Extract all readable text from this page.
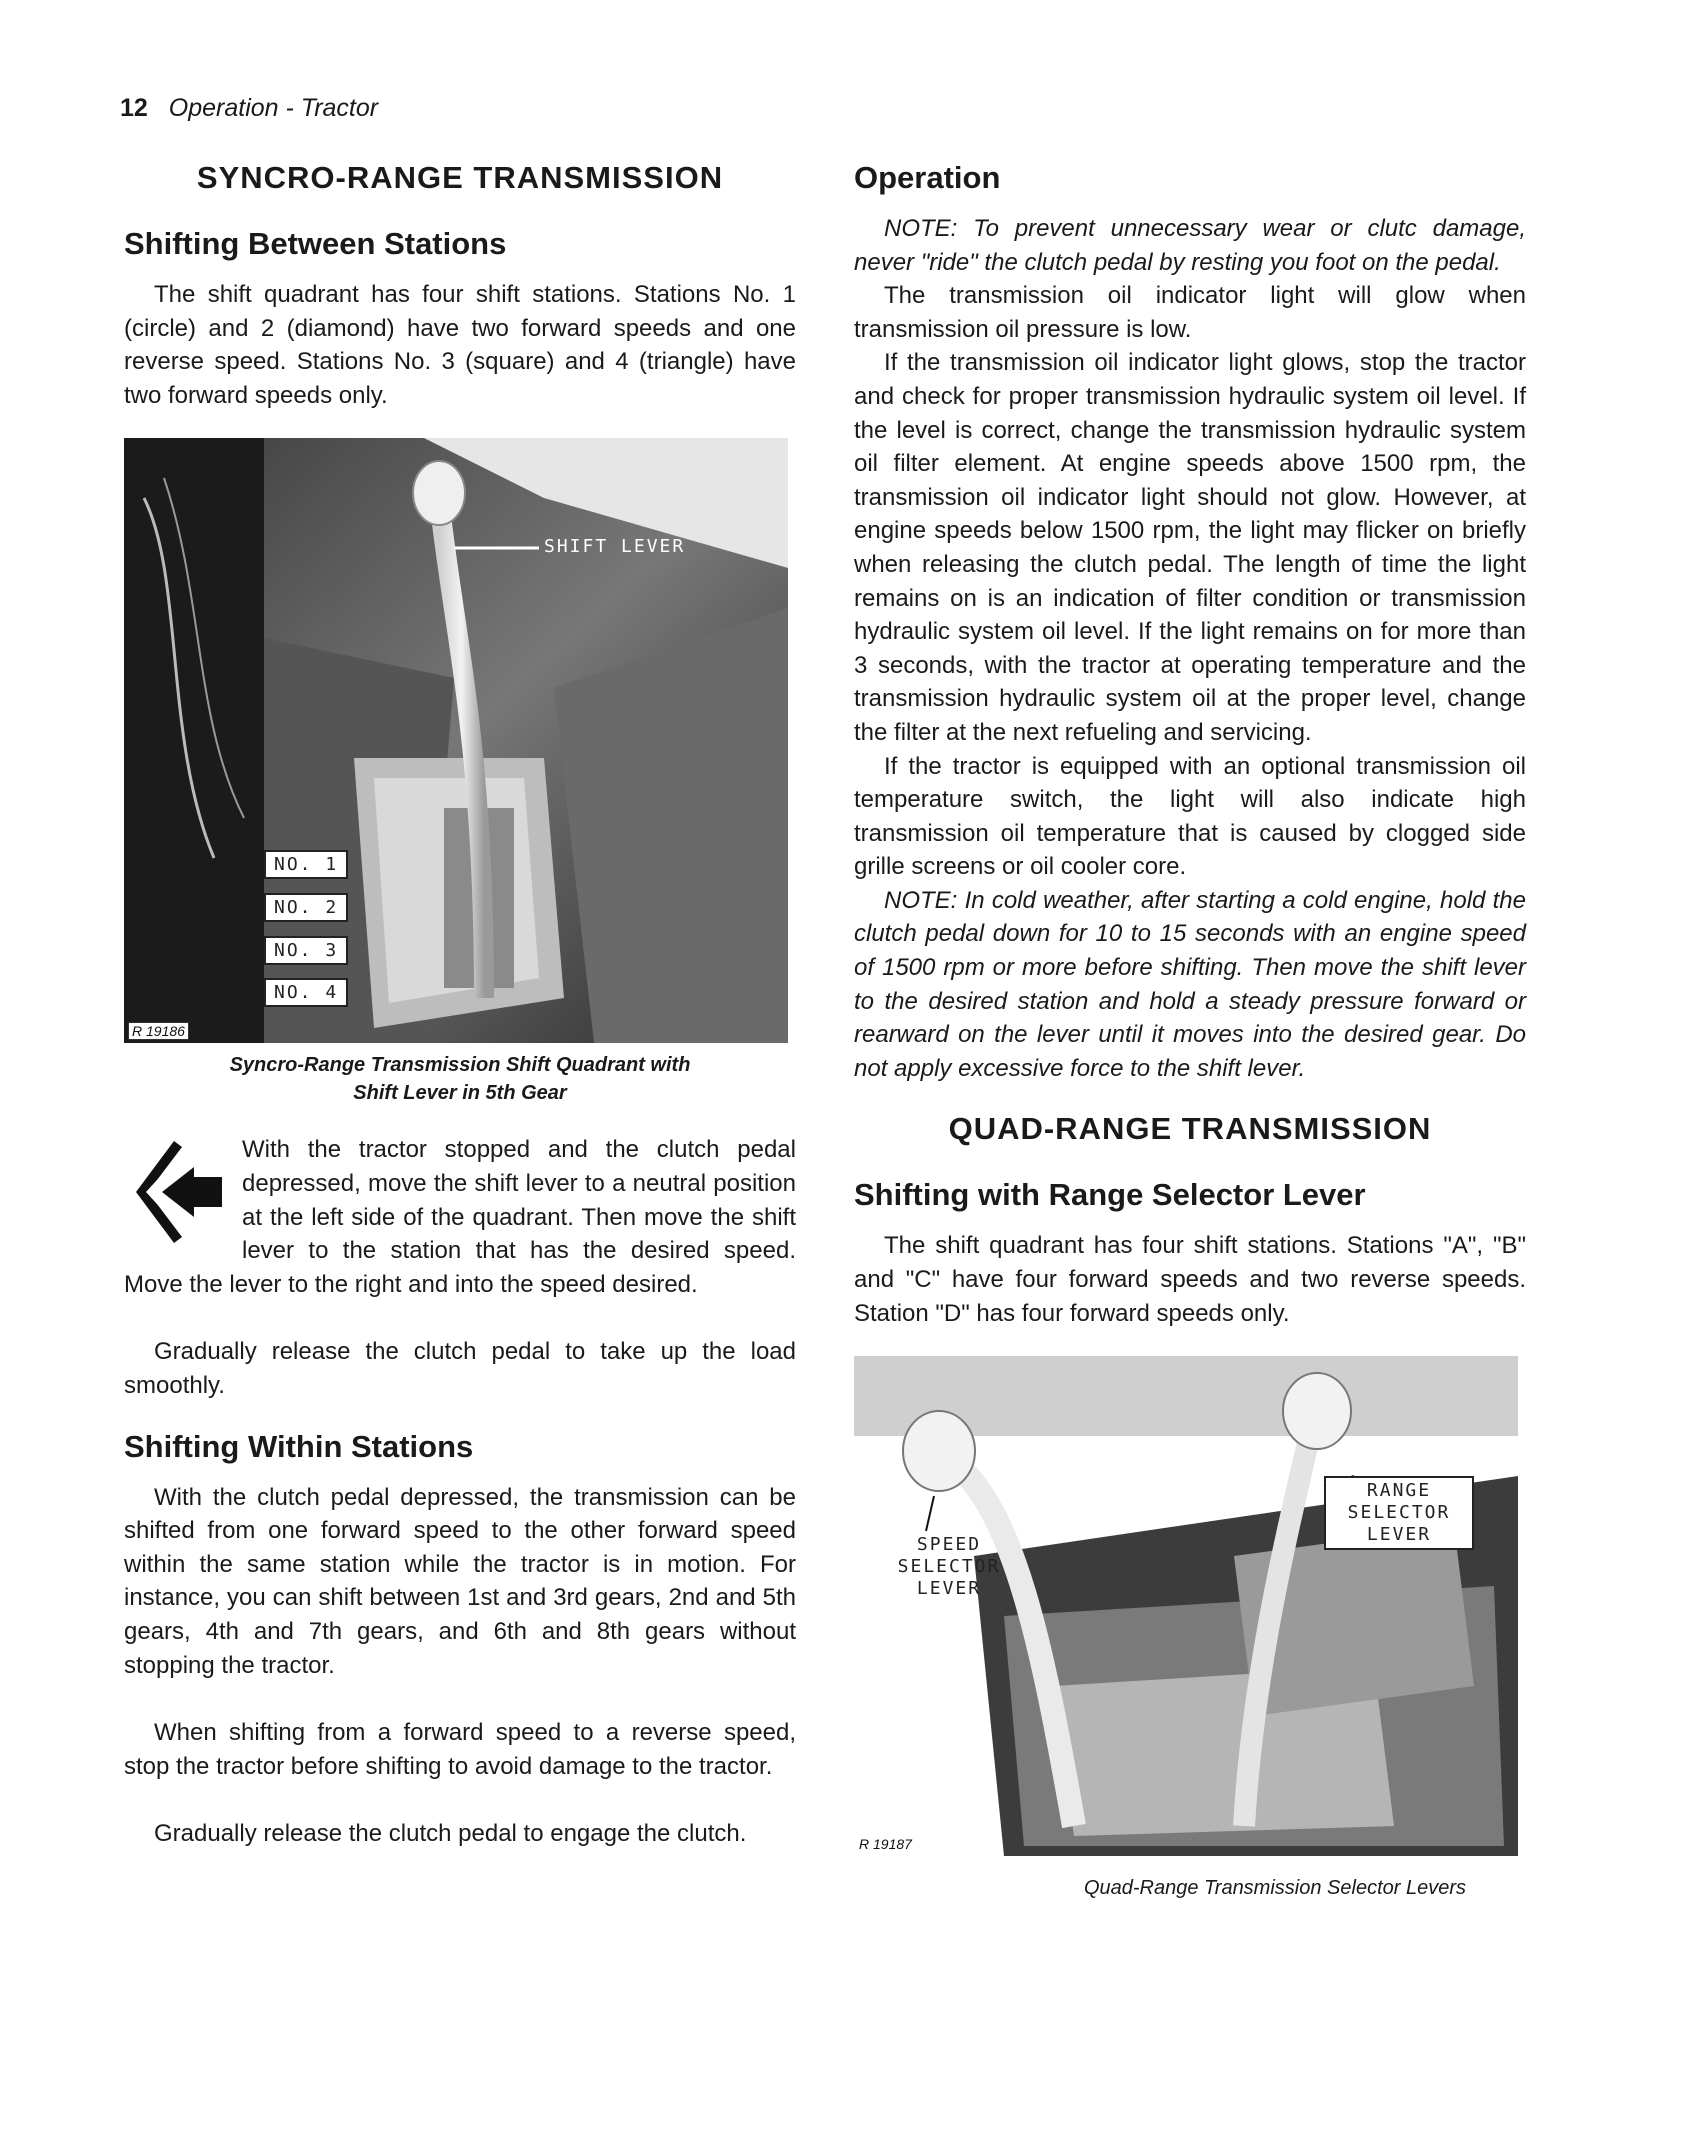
12 Operation - Tractor
SYNCRO-RANGE TRANSMISSION
Shifting Between Stations

The shift quadrant has four shift stations. Stations No. 1 (circle) and 2 (diamond) have two forward speeds and one reverse speed. Stations No. 3 (square) and 4 (triangle) have two forward speeds only.

SHIFT LEVER
NO. 1
NO. 2
NO. 3
NO. 4
R 19186
Syncro-Range Transmission Shift Quadrant with
Shift Lever in 5th Gear

With the tractor stopped and the clutch pedal depressed, move the shift lever to a neutral position at the left side of the quadrant. Then move the shift lever to the station that has the desired speed. Move the lever to the right and into the speed desired.

Gradually release the clutch pedal to take up the load smoothly.

Shifting Within Stations

With the clutch pedal depressed, the transmission can be shifted from one forward speed to the other forward speed within the same station while the tractor is in motion. For instance, you can shift between 1st and 3rd gears, 2nd and 5th gears, 4th and 7th gears, and 6th and 8th gears without stopping the tractor.

When shifting from a forward speed to a reverse speed, stop the tractor before shifting to avoid damage to the tractor.

Gradually release the clutch pedal to engage the clutch.

Operation

NOTE: To prevent unnecessary wear or clutc damage, never "ride" the clutch pedal by resting you foot on the pedal.

The transmission oil indicator light will glow when transmission oil pressure is low.

If the transmission oil indicator light glows, stop the tractor and check for proper transmission hydraulic system oil level. If the level is correct, change the transmission hydraulic system oil filter element. At engine speeds above 1500 rpm, the transmission oil indicator light should not glow. However, at engine speeds below 1500 rpm, the light may flicker on briefly when releasing the clutch pedal. The length of time the light remains on is an indication of filter condition or transmission hydraulic system oil level. If the light remains on for more than 3 seconds, with the tractor at operating temperature and the transmission hydraulic system oil at the proper level, change the filter at the next refueling and servicing.

If the tractor is equipped with an optional transmission oil temperature switch, the light will also indicate high transmission oil temperature that is caused by clogged side grille screens or oil cooler core.

NOTE: In cold weather, after starting a cold engine, hold the clutch pedal down for 10 to 15 seconds with an engine speed of 1500 rpm or more before shifting. Then move the shift lever to the desired station and hold a steady pressure forward or rearward on the lever until it moves into the desired gear. Do not apply excessive force to the shift lever.

QUAD-RANGE TRANSMISSION
Shifting with Range Selector Lever

The shift quadrant has four shift stations. Stations "A", "B" and "C" have four forward speeds and two reverse speeds. Station "D" has four forward speeds only.

SPEED SELECTOR LEVER
RANGE SELECTOR LEVER
R 19187
Quad-Range Transmission Selector Levers
